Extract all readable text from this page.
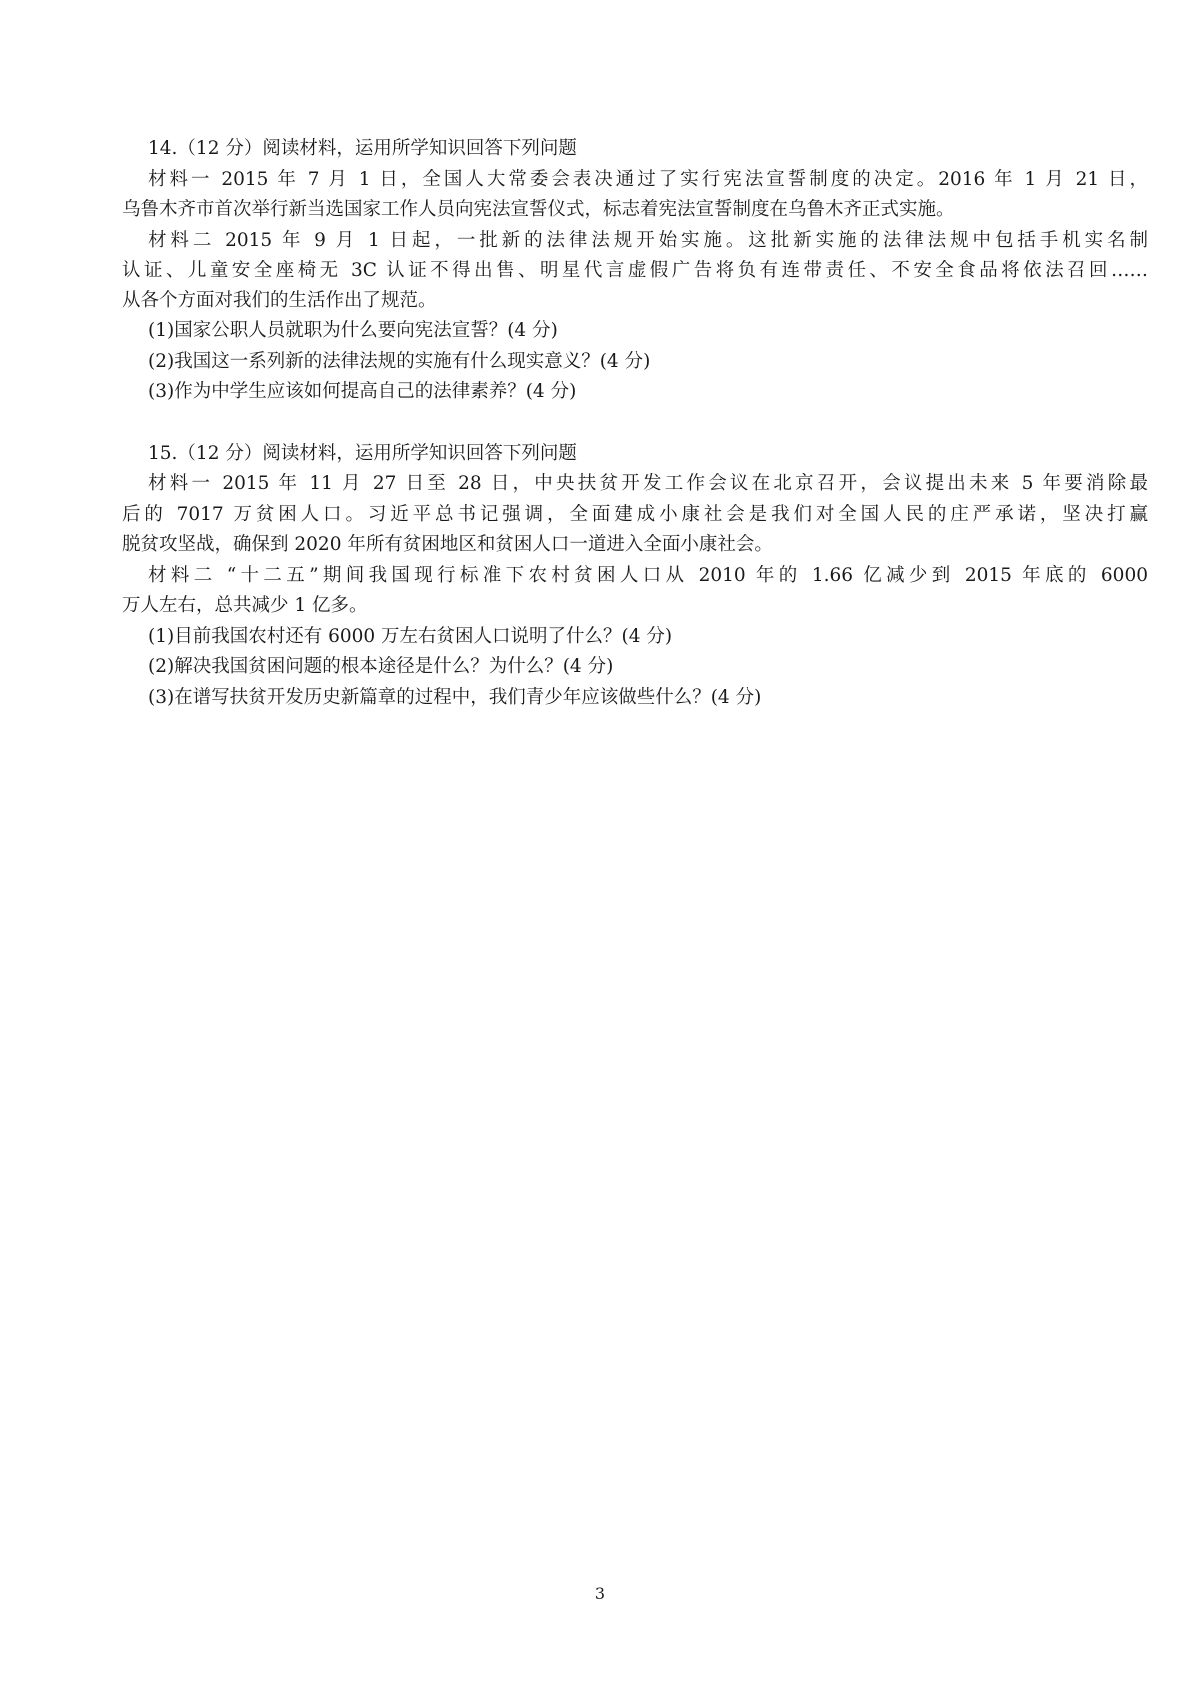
14.（12 分）阅读材料，运用所学知识回答下列问题
材料一 2015 年 7 月 1 日，全国人大常委会表决通过了实行宪法宣誓制度的决定。2016 年 1 月 21 日，
乌鲁木齐市首次举行新当选国家工作人员向宪法宣誓仪式，标志着宪法宣誓制度在乌鲁木齐正式实施。
材料二 2015 年 9 月 1 日起，一批新的法律法规开始实施。这批新实施的法律法规中包括手机实名制
认证、儿童安全座椅无 3C 认证不得出售、明星代言虚假广告将负有连带责任、不安全食品将依法召回……
从各个方面对我们的生活作出了规范。
(1)国家公职人员就职为什么要向宪法宣誓？(4 分)
(2)我国这一系列新的法律法规的实施有什么现实意义？(4 分)
(3)作为中学生应该如何提高自己的法律素养？(4 分)
15.（12 分）阅读材料，运用所学知识回答下列问题
材料一 2015 年 11 月 27 日至 28 日，中央扶贫开发工作会议在北京召开，会议提出未来 5 年要消除最
后的 7017 万贫困人口。习近平总书记强调，全面建成小康社会是我们对全国人民的庄严承诺，坚决打赢
脱贫攻坚战，确保到 2020 年所有贫困地区和贫困人口一道进入全面小康社会。
材料二 “十二五”期间我国现行标准下农村贫困人口从 2010 年的 1.66 亿减少到 2015 年底的 6000
万人左右，总共减少 1 亿多。
(1)目前我国农村还有 6000 万左右贫困人口说明了什么？(4 分)
(2)解决我国贫困问题的根本途径是什么？为什么？(4 分)
(3)在谱写扶贫开发历史新篇章的过程中，我们青少年应该做些什么？(4 分)
3
